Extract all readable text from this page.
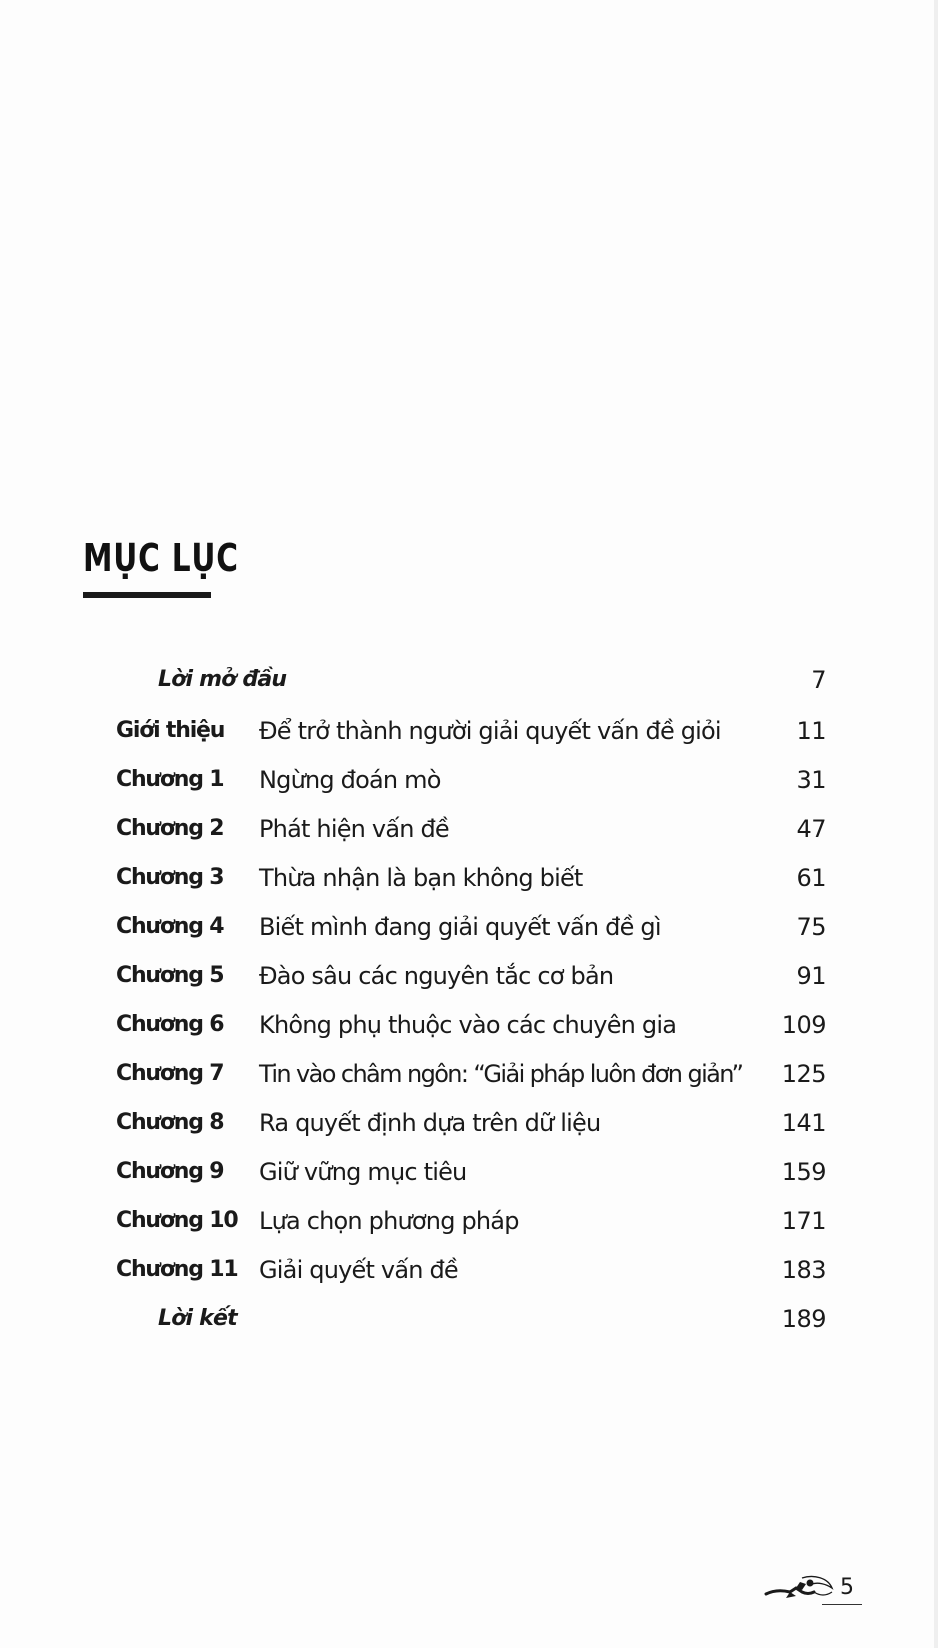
MỤC LỤC
Lời mở đầu	7
Giới thiệu Để trở thành người giải quyết vấn đề giỏi	11
Chương 1 Ngừng đoán mò	31
Chương 2 Phát hiện vấn đề	47
Chương 3 Thừa nhận là bạn không biết	61
Chương 4 Biết mình đang giải quyết vấn đề gì	75
Chương 5 Đào sâu các nguyên tắc cơ bản	91
Chương 6 Không phụ thuộc vào các chuyên gia	109
Chương 7 Tin vào châm ngôn: “Giải pháp luôn đơn giản” 125
Chương 8 Ra quyết định dựa trên dữ liệu	141
Chương 9 Giữ vững mục tiêu	159
Chương 10 Lựa chọn phương pháp	171
Chương 11 Giải quyết vấn đề	183
Lời kết	189
5
